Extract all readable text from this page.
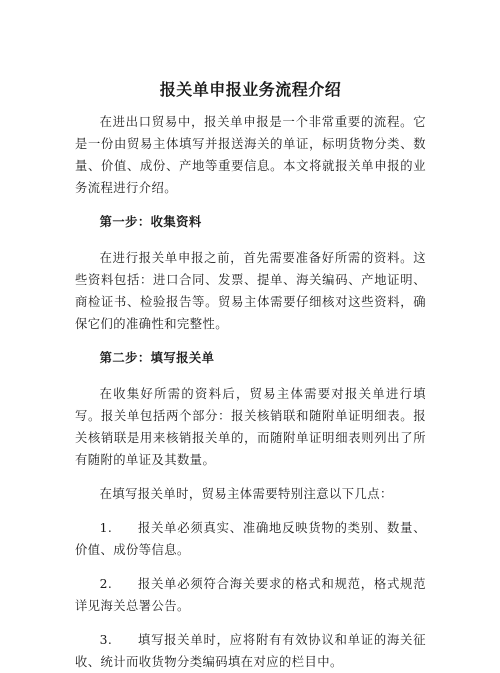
报关单申报业务流程介绍

在进出口贸易中，报关单申报是一个非常重要的流程。它是一份由贸易主体填写并报送海关的单证，标明货物分类、数量、价值、成份、产地等重要信息。本文将就报关单申报的业务流程进行介绍。

第一步：收集资料

在进行报关单申报之前，首先需要准备好所需的资料。这些资料包括：进口合同、发票、提单、海关编码、产地证明、商检证书、检验报告等。贸易主体需要仔细核对这些资料，确保它们的准确性和完整性。

第二步：填写报关单

在收集好所需的资料后，贸易主体需要对报关单进行填写。报关单包括两个部分：报关核销联和随附单证明细表。报关核销联是用来核销报关单的，而随附单证明细表则列出了所有随附的单证及其数量。

在填写报关单时，贸易主体需要特别注意以下几点：

1. 报关单必须真实、准确地反映货物的类别、数量、价值、成份等信息。

2. 报关单必须符合海关要求的格式和规范，格式规范详见海关总署公告。

3. 填写报关单时，应将附有有效协议和单证的海关征收、统计而收货物分类编码填在对应的栏目中。
